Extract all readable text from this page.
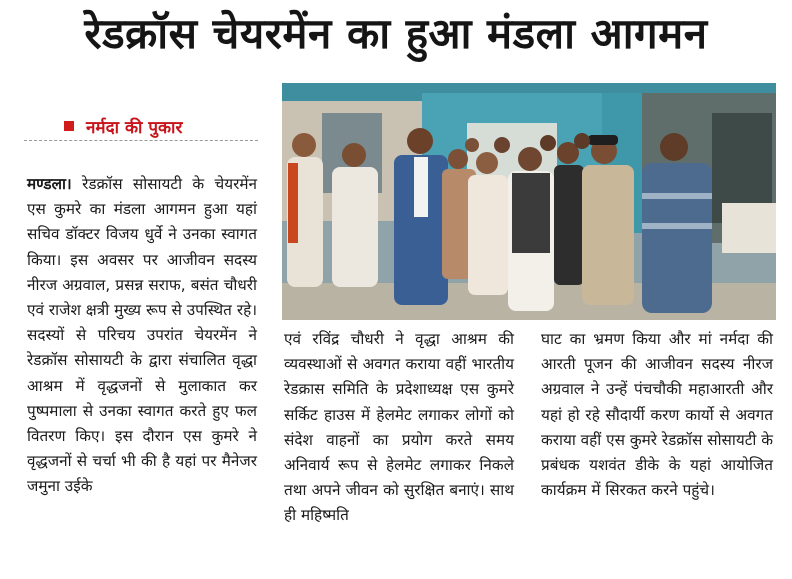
रेडक्रॉस चेयरमेंन का हुआ मंडला आगमन
नर्मदा की पुकार

मण्डला। रेडक्रॉस सोसायटी के चेयरमेंन एस कुमरे का मंडला आगमन हुआ यहां सचिव डॉक्टर विजय धुर्वे ने उनका स्वागत किया। इस अवसर पर आजीवन सदस्य नीरज अग्रवाल, प्रसन्न सराफ, बसंत चौधरी एवं राजेश क्षत्री मुख्य रूप से उपस्थित रहे। सदस्यों से परिचय उपरांत चेयरमेंन ने रेडक्रॉस सोसायटी के द्वारा संचालित वृद्धा आश्रम में वृद्धजनों से मुलाकात कर पुष्पमाला से उनका स्वागत करते हुए फल वितरण किए। इस दौरान एस कुमरे ने वृद्धजनों से चर्चा भी की है यहां पर मैनेजर जमुना उईके

एवं रविंद्र चौधरी ने वृद्धा आश्रम की व्यवस्थाओं से अवगत कराया वहीं भारतीय रेडक्रास समिति के प्रदेशाध्यक्ष एस कुमरे सर्किट हाउस में हेलमेट लगाकर लोगों को संदेश वाहनों का प्रयोग करते समय अनिवार्य रूप से हेलमेट लगाकर निकले तथा अपने जीवन को सुरक्षित बनाएं। साथ ही महिष्मति

घाट का भ्रमण किया और मां नर्मदा की आरती पूजन की आजीवन सदस्य नीरज अग्रवाल ने उन्हें पंचचौकी महाआरती और यहां हो रहे सौदार्यी करण कार्यो से अवगत कराया वहीं एस कुमरे रेडक्रॉस सोसायटी के प्रबंधक यशवंत डीके के यहां आयोजित कार्यक्रम में सिरकत करने पहुंचे।
